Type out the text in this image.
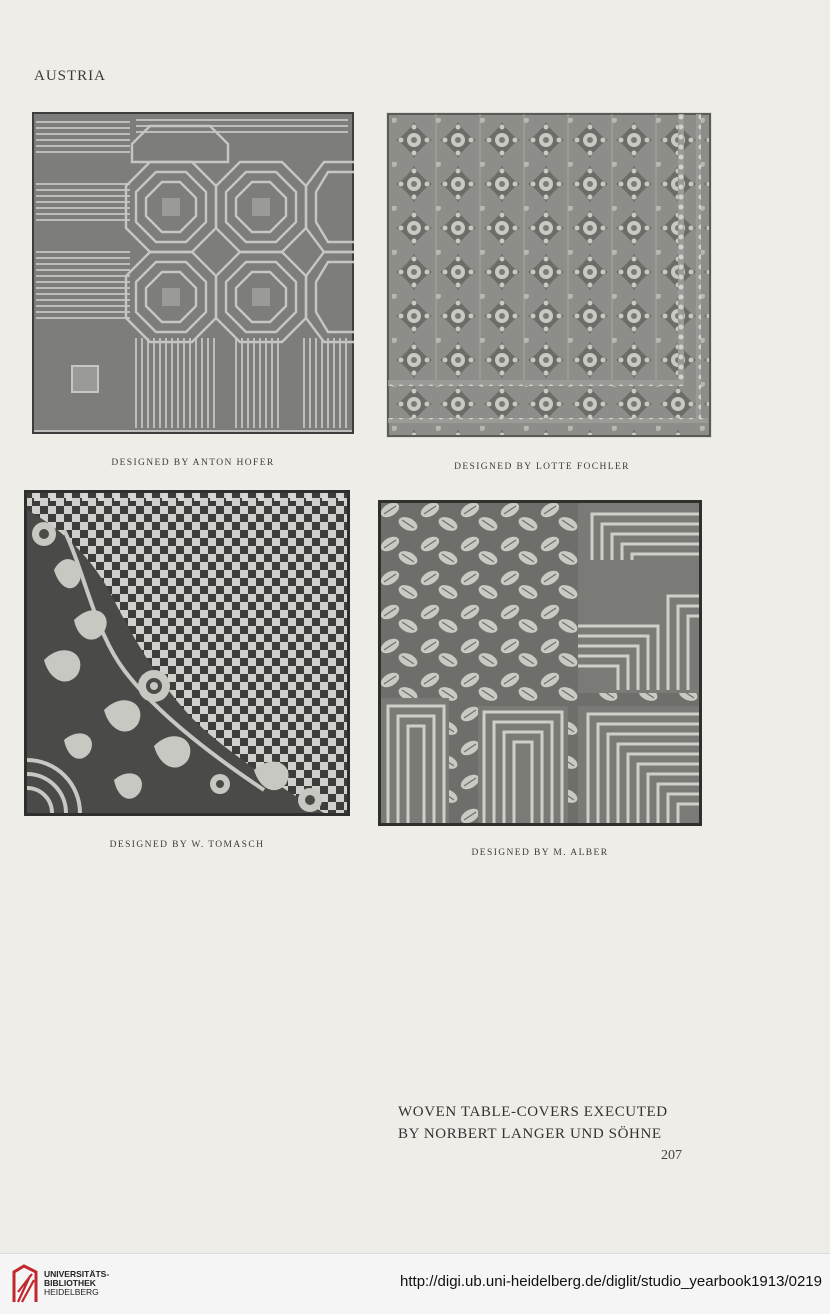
AUSTRIA
DESIGNED BY ANTON HOFER	DESIGNED BY LOTTE FOCHLER
DESIGNED BY W. TOMASCH
DESIGNED BY M. ALBER
WOVEN TABLE-COVERS EXECUTED
BY NORBERT LANGER UND SÖHNE
207
UNIVERSITÄTS-
BIBLIOTHEK
HEIDELBERG
http://digi.ub.uni-heidelberg.de/diglit/studio_yearbook1913/0219
